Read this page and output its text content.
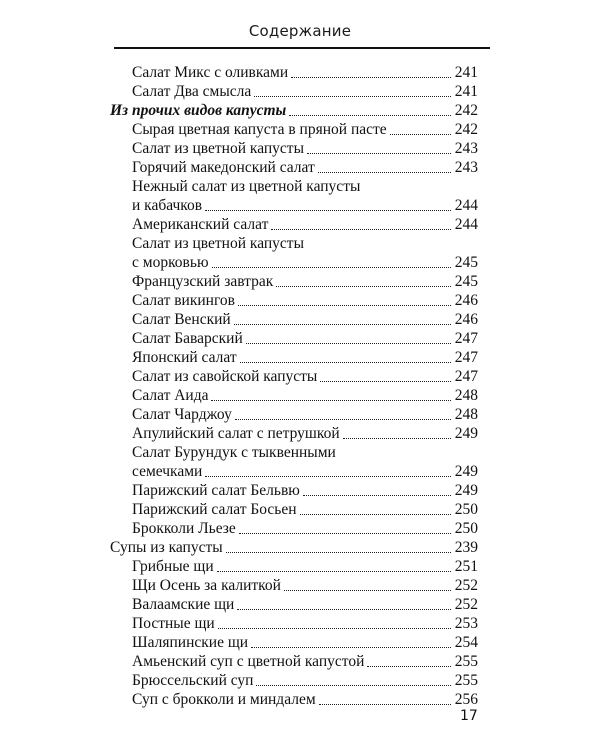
Содержание
Салат Микс с оливками	241
Салат Два смысла	241
Из прочих видов капусты	242
Сырая цветная капуста в пряной пасте	242
Салат из цветной капусты	243
Горячий македонский салат	243
Нежный салат из цветной капусты
и кабачков	244
Американский салат	244
Салат из цветной капусты
с морковью	245
Французский завтрак	245
Салат викингов	246
Салат Венский	246
Салат Баварский	247
Японский салат	247
Салат из савойской капусты	247
Салат Аида	248
Салат Чарджоу	248
Апулийский салат с петрушкой	249
Салат Бурундук с тыквенными
семечками	249
Парижский салат Бельвю	249
Парижский салат Босьен	250
Брокколи Льезе	250
Супы из капусты	239
Грибные щи	251
Щи Осень за калиткой	252
Валаамские щи	252
Постные щи	253
Шаляпинские щи	254
Амьенский суп с цветной капустой	255
Брюссельский суп	255
Суп с брокколи и миндалем	256
17
